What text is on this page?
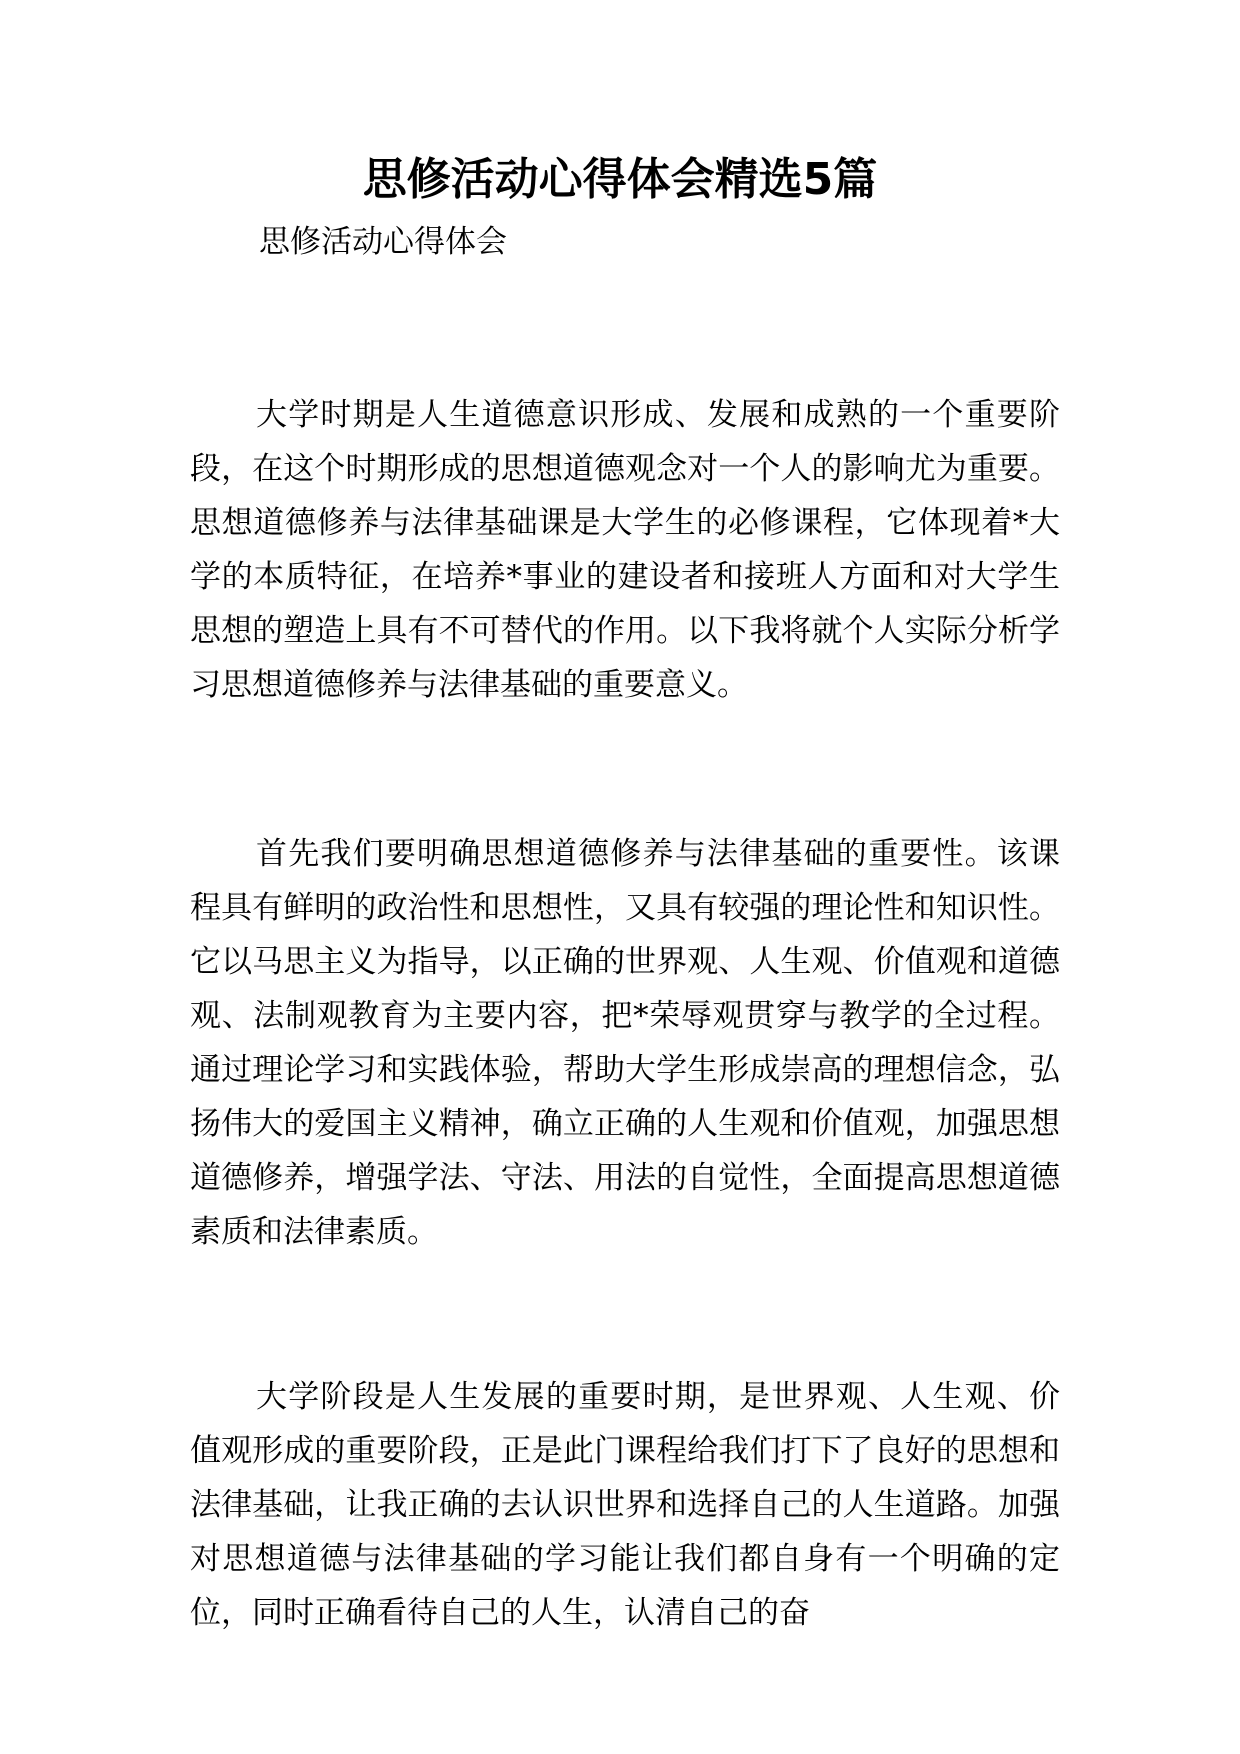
思修活动心得体会精选5篇

思修活动心得体会

大学时期是人生道德意识形成、发展和成熟的一个重要阶段，在这个时期形成的思想道德观念对一个人的影响尤为重要。思想道德修养与法律基础课是大学生的必修课程，它体现着*大学的本质特征，在培养*事业的建设者和接班人方面和对大学生思想的塑造上具有不可替代的作用。以下我将就个人实际分析学习思想道德修养与法律基础的重要意义。

首先我们要明确思想道德修养与法律基础的重要性。该课程具有鲜明的政治性和思想性，又具有较强的理论性和知识性。它以马思主义为指导，以正确的世界观、人生观、价值观和道德观、法制观教育为主要内容，把*荣辱观贯穿与教学的全过程。通过理论学习和实践体验，帮助大学生形成崇高的理想信念，弘扬伟大的爱国主义精神，确立正确的人生观和价值观，加强思想道德修养，增强学法、守法、用法的自觉性，全面提高思想道德素质和法律素质。

大学阶段是人生发展的重要时期，是世界观、人生观、价值观形成的重要阶段，正是此门课程给我们打下了良好的思想和法律基础，让我正确的去认识世界和选择自己的人生道路。加强对思想道德与法律基础的学习能让我们都自身有一个明确的定位，同时正确看待自己的人生，认清自己的奋
